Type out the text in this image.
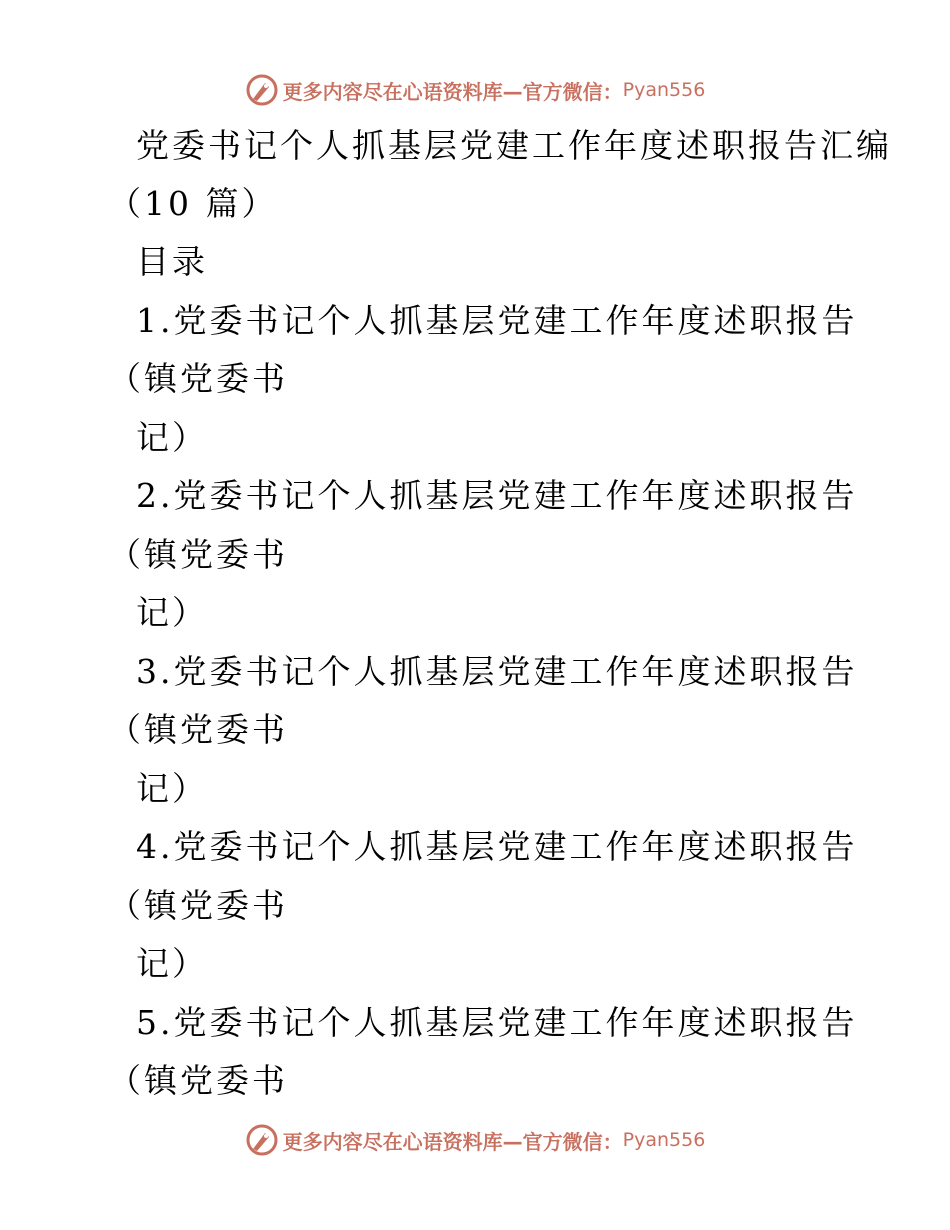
更多内容尽在心语资料库—官方微信： Pyan556
党委书记个人抓基层党建工作年度述职报告汇编
（10 篇）
目录
1.党委书记个人抓基层党建工作年度述职报告
（镇党委书
记）
2.党委书记个人抓基层党建工作年度述职报告
（镇党委书
记）
3.党委书记个人抓基层党建工作年度述职报告
（镇党委书
记）
4.党委书记个人抓基层党建工作年度述职报告
（镇党委书
记）
5.党委书记个人抓基层党建工作年度述职报告
（镇党委书
更多内容尽在心语资料库—官方微信： Pyan556
